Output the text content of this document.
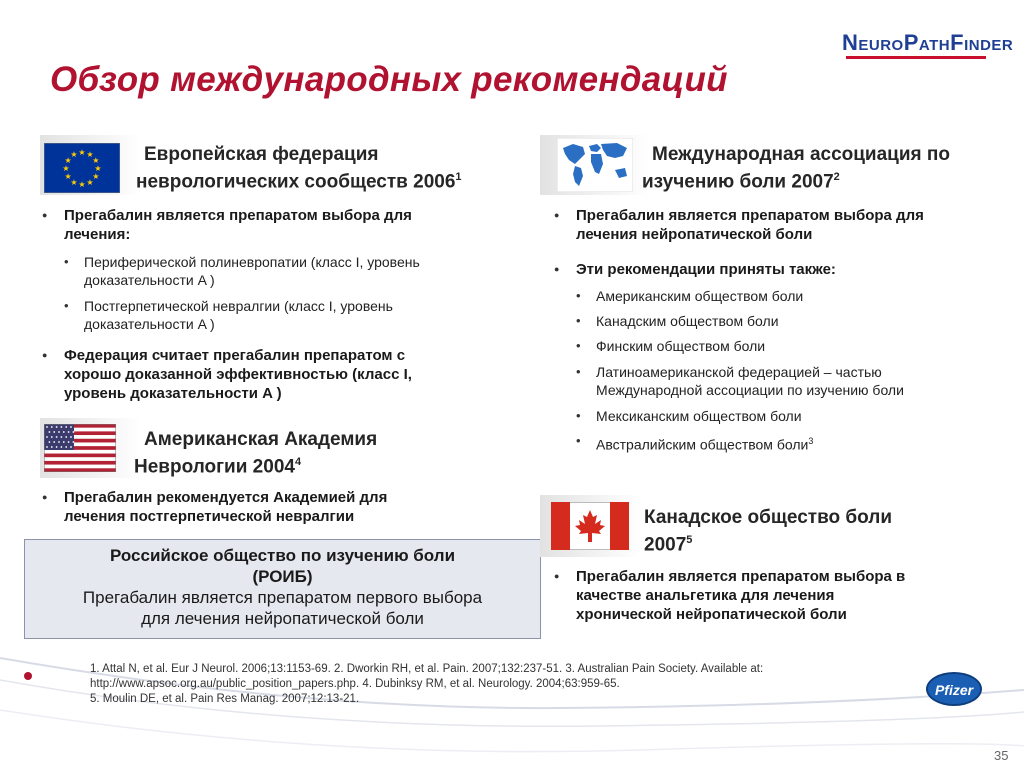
NEUROPATHFINDER
Обзор международных рекомендаций
★
★
★
★
★
★
★
★
★ ★ ★
★	Европейская федерация
неврологических сообществ 2006$^1$
● Прегабалин является препаратом выбора для
лечения:
• Периферической полиневропатии (класс I, уровень
доказательности A )
• Постгерпетической невралгии (класс I, уровень
доказательности A )
● Федерация считает прегабалин препаратом с
хорошо доказанной эффективностью (класс I,
уровень доказательности A )
Американская Академия
Неврологии 2004$^4$
● Прегабалин рекомендуется Академией для
лечения постгерпетической невралгии
Российское общество по изучению боли
(РОИБ)
Прегабалин является препаратом первого выбора
для лечения нейропатической боли
Международная ассоциация по
изучению боли 2007$^2$
● Прегабалин является препаратом выбора для
лечения нейропатической боли
● Эти рекомендации приняты также:
• Американским обществом боли
• Канадским обществом боли
• Финским обществом боли
• Латиноамериканской федерацией – частью
Международной ассоциации по изучению боли
• Мексиканским обществом боли
• Австралийским обществом боли$^3$
Канадское общество боли
2007$^5$
● Прегабалин является препаратом выбора в
качестве анальгетика для лечения
хронической нейропатической боли
1. Attal N, et al. Eur J Neurol. 2006;13:1153-69. 2. Dworkin RH, et al. Pain. 2007;132:237-51. 3. Australian Pain Society. Available at:
http://www.apsoc.org.au/public_position_papers.php. 4. Dubinksy RM, et al. Neurology. 2004;63:959-65.
5. Moulin DE, et al. Pain Res Manag. 2007;12:13-21.
Pfizer
35
